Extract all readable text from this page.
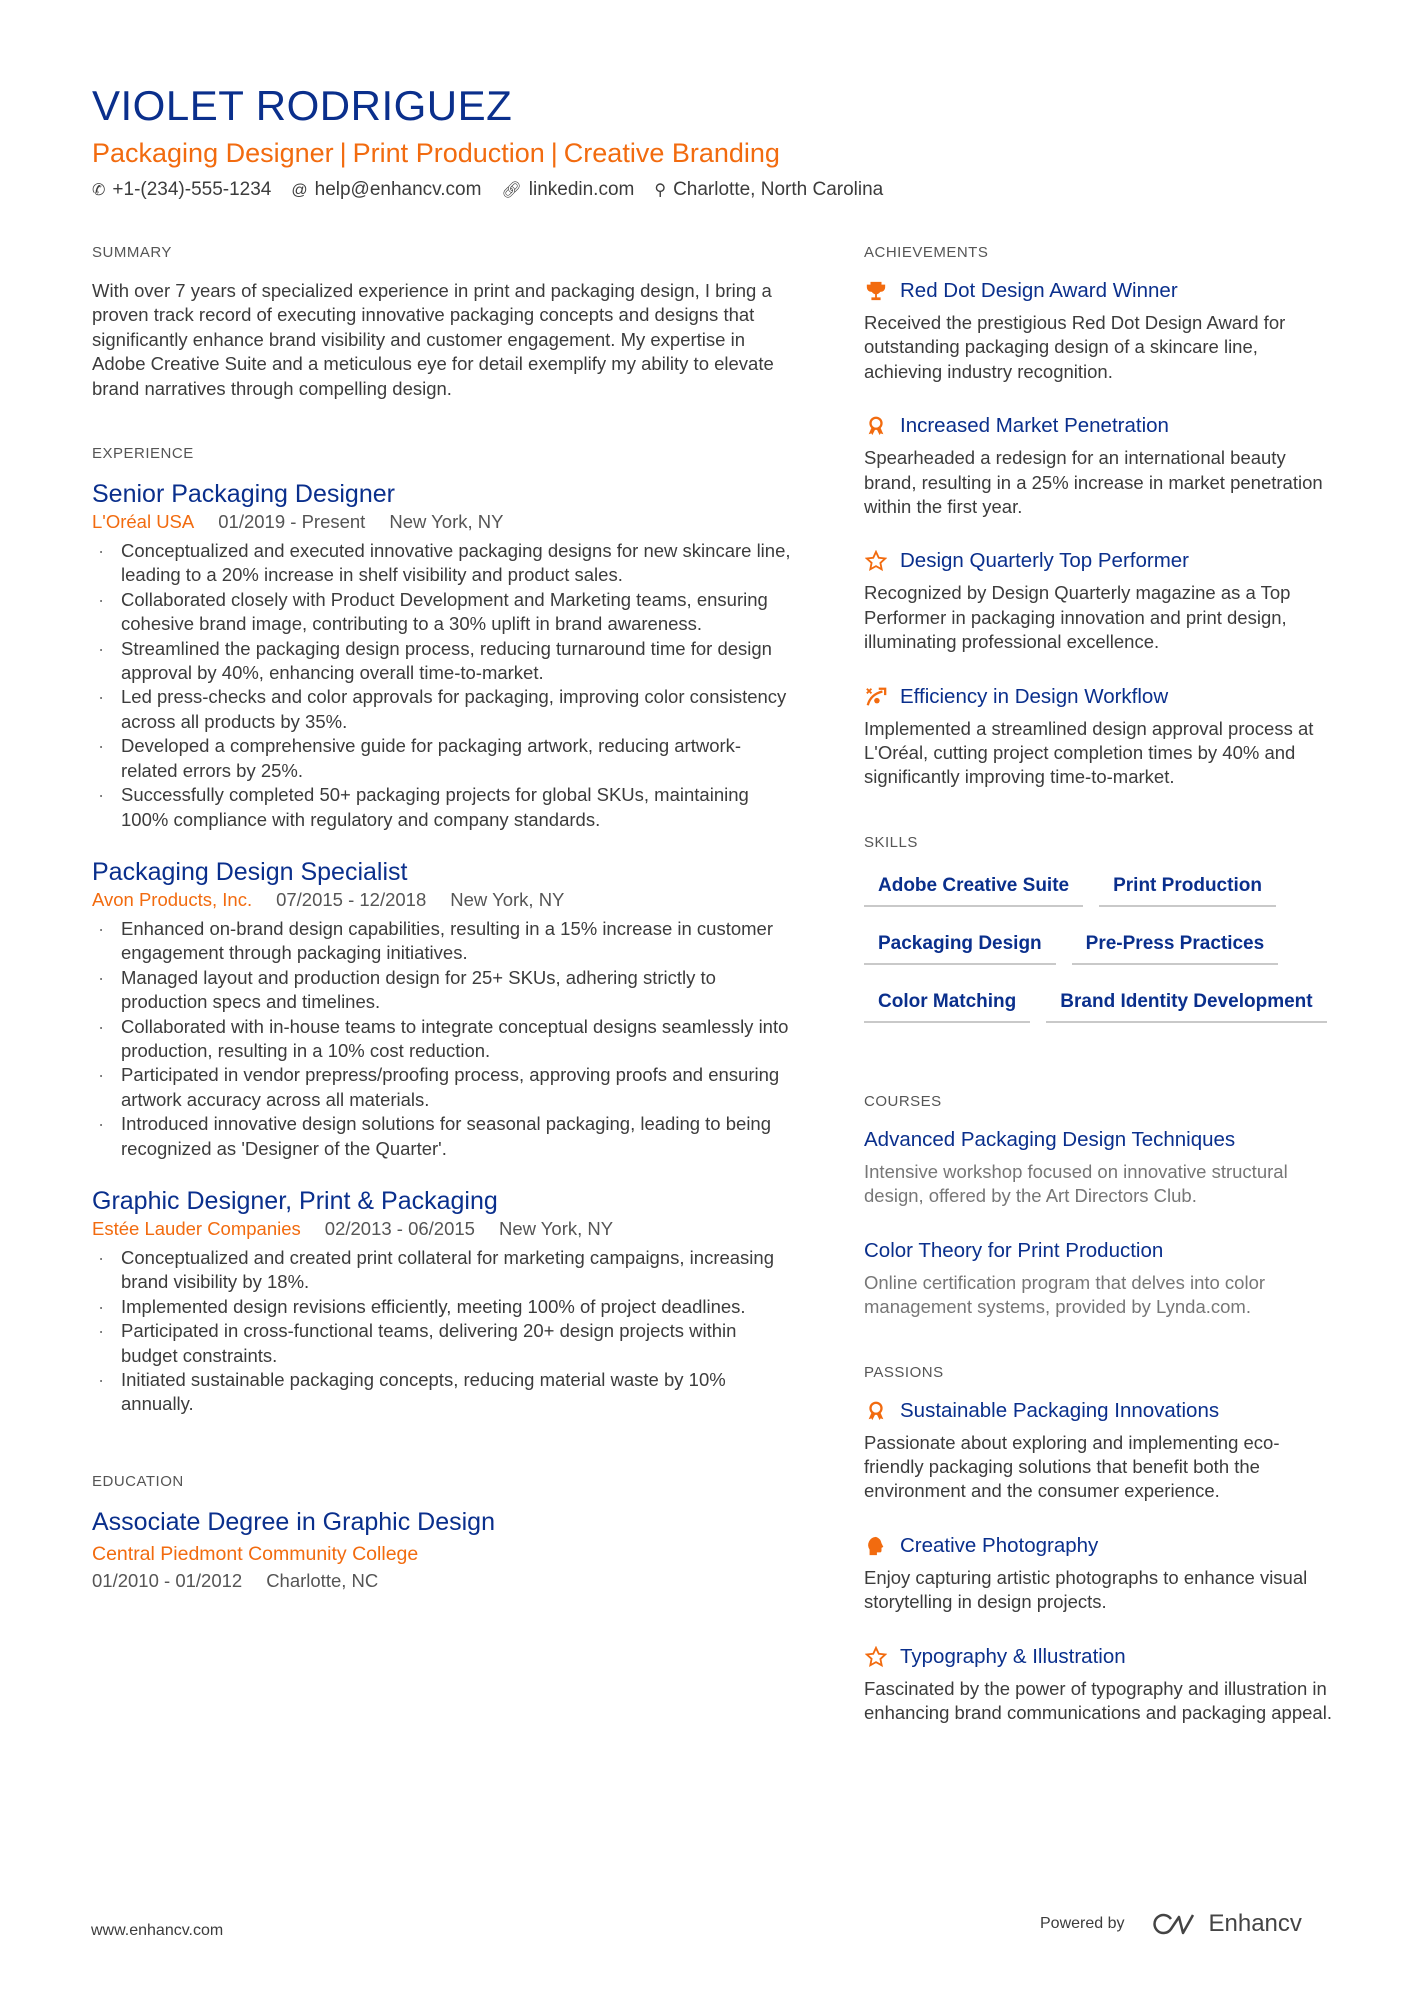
VIOLET RODRIGUEZ
Packaging Designer | Print Production | Creative Branding
✆ +1-(234)-555-1234 @ help@enhancv.com 🔗︎ linkedin.com ⚲ Charlotte, North Carolina
SUMMARY
With over 7 years of specialized experience in print and packaging design, I bring a proven track record of executing innovative packaging concepts and designs that significantly enhance brand visibility and customer engagement. My expertise in Adobe Creative Suite and a meticulous eye for detail exemplify my ability to elevate brand narratives through compelling design.
EXPERIENCE
Senior Packaging Designer
L'Oréal USA 01/2019 - Present New York, NY
· Conceptualized and executed innovative packaging designs for new skincare line, leading to a 20% increase in shelf visibility and product sales.
· Collaborated closely with Product Development and Marketing teams, ensuring cohesive brand image, contributing to a 30% uplift in brand awareness.
· Streamlined the packaging design process, reducing turnaround time for design approval by 40%, enhancing overall time-to-market.
· Led press-checks and color approvals for packaging, improving color consistency across all products by 35%.
· Developed a comprehensive guide for packaging artwork, reducing artwork-related errors by 25%.
· Successfully completed 50+ packaging projects for global SKUs, maintaining 100% compliance with regulatory and company standards.
Packaging Design Specialist
Avon Products, Inc. 07/2015 - 12/2018 New York, NY
· Enhanced on-brand design capabilities, resulting in a 15% increase in customer engagement through packaging initiatives.
· Managed layout and production design for 25+ SKUs, adhering strictly to production specs and timelines.
· Collaborated with in-house teams to integrate conceptual designs seamlessly into production, resulting in a 10% cost reduction.
· Participated in vendor prepress/proofing process, approving proofs and ensuring artwork accuracy across all materials.
· Introduced innovative design solutions for seasonal packaging, leading to being recognized as 'Designer of the Quarter'.
Graphic Designer, Print & Packaging
Estée Lauder Companies 02/2013 - 06/2015 New York, NY
· Conceptualized and created print collateral for marketing campaigns, increasing brand visibility by 18%.
· Implemented design revisions efficiently, meeting 100% of project deadlines.
· Participated in cross-functional teams, delivering 20+ design projects within budget constraints.
· Initiated sustainable packaging concepts, reducing material waste by 10% annually.
EDUCATION
Associate Degree in Graphic Design
Central Piedmont Community College
01/2010 - 01/2012 Charlotte, NC
ACHIEVEMENTS
Red Dot Design Award Winner
Received the prestigious Red Dot Design Award for outstanding packaging design of a skincare line, achieving industry recognition.
Increased Market Penetration
Spearheaded a redesign for an international beauty brand, resulting in a 25% increase in market penetration within the first year.
Design Quarterly Top Performer
Recognized by Design Quarterly magazine as a Top Performer in packaging innovation and print design, illuminating professional excellence.
Efficiency in Design Workflow
Implemented a streamlined design approval process at L'Oréal, cutting project completion times by 40% and significantly improving time-to-market.
SKILLS
Adobe Creative Suite	Print Production
Packaging Design	Pre-Press Practices
Color Matching	Brand Identity Development
COURSES
Advanced Packaging Design Techniques
Intensive workshop focused on innovative structural design, offered by the Art Directors Club.
Color Theory for Print Production
Online certification program that delves into color management systems, provided by Lynda.com.
PASSIONS
Sustainable Packaging Innovations
Passionate about exploring and implementing eco-friendly packaging solutions that benefit both the environment and the consumer experience.
Creative Photography
Enjoy capturing artistic photographs to enhance visual storytelling in design projects.
Typography & Illustration
Fascinated by the power of typography and illustration in enhancing brand communications and packaging appeal.
www.enhancv.com	Powered by	Enhancv
